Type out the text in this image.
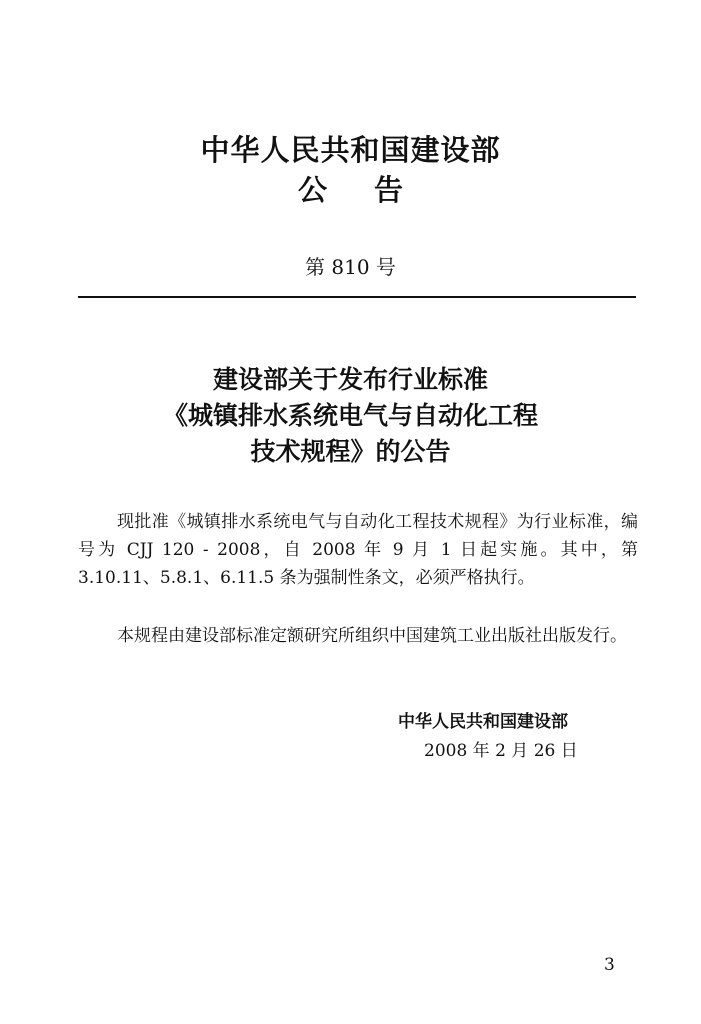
中华人民共和国建设部
公 告
第 810 号
建设部关于发布行业标准
《城镇排水系统电气与自动化工程
技术规程》的公告

现批准《城镇排水系统电气与自动化工程技术规程》为行业标准，编号为 CJJ 120 - 2008，自 2008 年 9 月 1 日起实施。其中，第 3.10.11、5.8.1、6.11.5 条为强制性条文，必须严格执行。

本规程由建设部标准定额研究所组织中国建筑工业出版社出版发行。

中华人民共和国建设部
2008 年 2 月 26 日
3
